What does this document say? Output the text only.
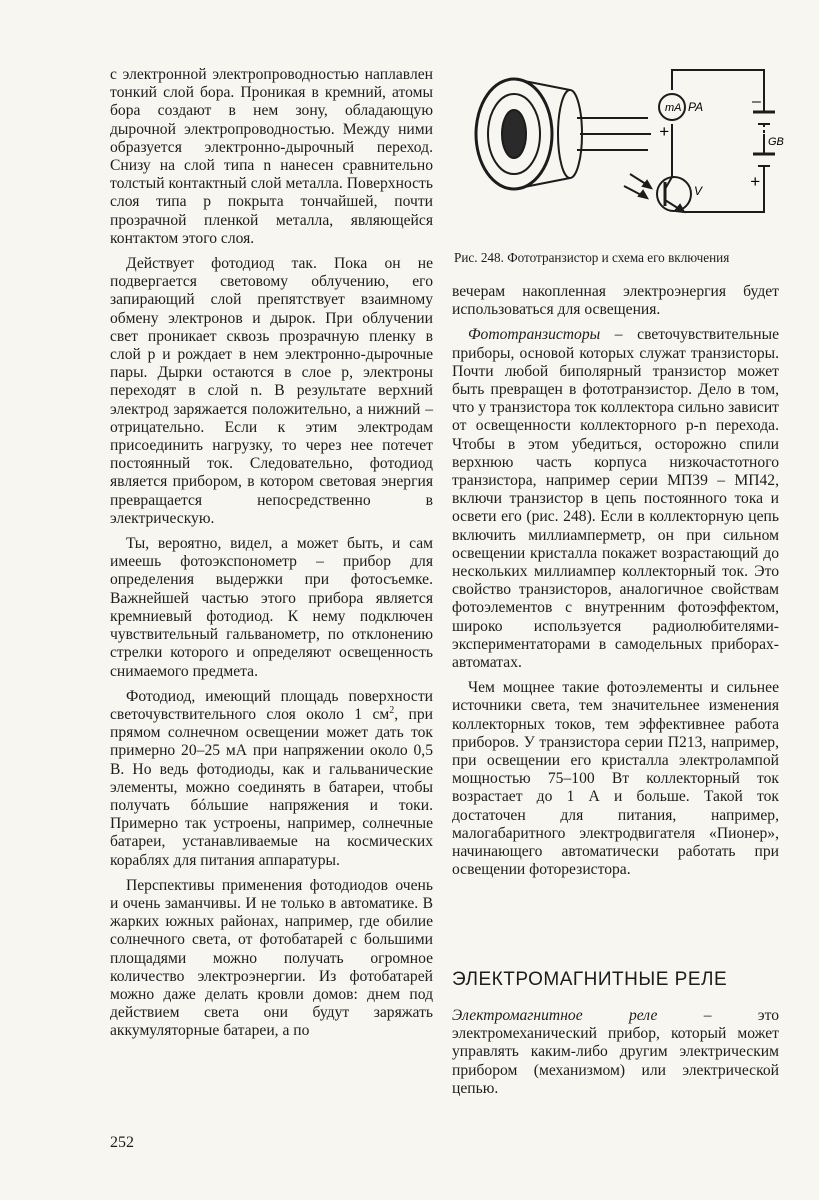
с электронной электропроводностью наплавлен тонкий слой бора. Проникая в кремний, атомы бора создают в нем зону, обладающую дырочной электропроводностью. Между ними образуется электронно-дырочный переход. Снизу на слой типа n нанесен сравнительно толстый контактный слой металла. Поверхность слоя типа p покрыта тончайшей, почти прозрачной пленкой металла, являющейся контактом этого слоя.

Действует фотодиод так. Пока он не подвергается световому облучению, его запирающий слой препятствует взаимному обмену электронов и дырок. При облучении свет проникает сквозь прозрачную пленку в слой p и рождает в нем электронно-дырочные пары. Дырки остаются в слое p, электроны переходят в слой n. В результате верхний электрод заряжается положительно, а нижний – отрицательно. Если к этим электродам присоединить нагрузку, то через нее потечет постоянный ток. Следовательно, фотодиод является прибором, в котором световая энергия превращается непосредственно в электрическую.

Ты, вероятно, видел, а может быть, и сам имеешь фотоэкспонометр – прибор для определения выдержки при фотосъемке. Важнейшей частью этого прибора является кремниевый фотодиод. К нему подключен чувствительный гальванометр, по отклонению стрелки которого и определяют освещенность снимаемого предмета.

Фотодиод, имеющий площадь поверхности светочувствительного слоя около 1 $см^2$, при прямом солнечном освещении может дать ток примерно 20–25 мА при напряжении около 0,5 В. Но ведь фотодиоды, как и гальванические элементы, можно соединять в батареи, чтобы получать бóльшие напряжения и токи. Примерно так устроены, например, солнечные батареи, устанавливаемые на космических кораблях для питания аппаратуры.

Перспективы применения фотодиодов очень и очень заманчивы. И не только в автоматике. В жарких южных районах, например, где обилие солнечного света, от фотобатарей с большими площадями можно получать огромное количество электроэнергии. Из фотобатарей можно даже делать кровли домов: днем под действием света они будут заряжать аккумуляторные батареи, а по

mA PA
+
–
GB
+
V
Рис. 248. Фототранзистор и схема его включения

вечерам накопленная электроэнергия будет использоваться для освещения.

Фототранзисторы – светочувствительные приборы, основой которых служат транзисторы. Почти любой биполярный транзистор может быть превращен в фототранзистор. Дело в том, что у транзистора ток коллектора сильно зависит от освещенности коллекторного p-n перехода. Чтобы в этом убедиться, осторожно спили верхнюю часть корпуса низкочастотного транзистора, например серии МП39 – МП42, включи транзистор в цепь постоянного тока и освети его (рис. 248). Если в коллекторную цепь включить миллиамперметр, он при сильном освещении кристалла покажет возрастающий до нескольких миллиампер коллекторный ток. Это свойство транзисторов, аналогичное свойствам фотоэлементов с внутренним фотоэффектом, широко используется радиолюбителями-экспериментаторами в самодельных приборах-автоматах.

Чем мощнее такие фотоэлементы и сильнее источники света, тем значительнее изменения коллекторных токов, тем эффективнее работа приборов. У транзистора серии П213, например, при освещении его кристалла электролампой мощностью 75–100 Вт коллекторный ток возрастает до 1 А и больше. Такой ток достаточен для питания, например, малогабаритного электродвигателя «Пионер», начинающего автоматически работать при освещении фоторезистора.

ЭЛЕКТРОМАГНИТНЫЕ РЕЛЕ

Электромагнитное реле – это электромеханический прибор, который может управлять каким-либо другим электрическим прибором (механизмом) или электрической цепью.

252
